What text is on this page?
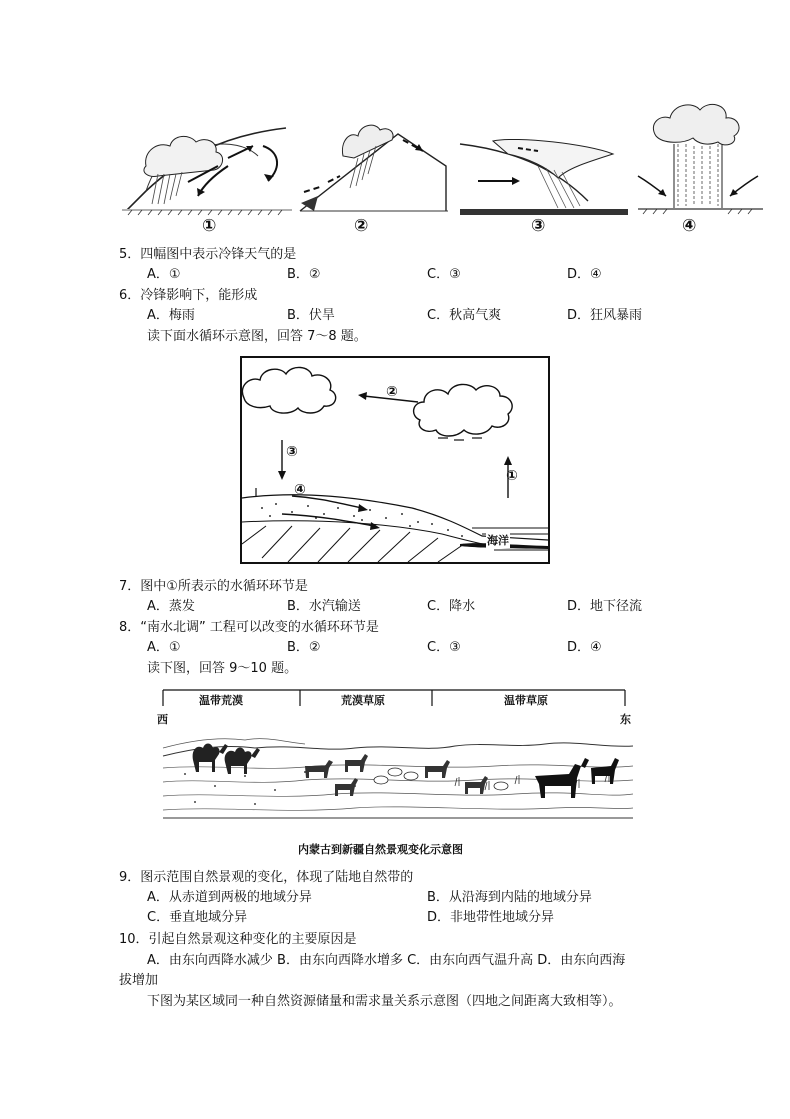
①	②	③	④
5．四幅图中表示冷锋天气的是
A．①	B．②	C．③	D．④
6．冷锋影响下，能形成
A．梅雨	B．伏旱	C．秋高气爽	D．狂风暴雨
读下面水循环示意图，回答 7～8 题。
①
②
③
④
海洋
7．图中①所表示的水循环环节是
A．蒸发	B．水汽输送	C．降水	D．地下径流
8．“南水北调” 工程可以改变的水循环环节是
A．①	B．②	C．③	D．④
读下图，回答 9～10 题。
温带荒漠	荒漠草原	温带草原
西	东
内蒙古到新疆自然景观变化示意图
9．图示范围自然景观的变化，体现了陆地自然带的
A．从赤道到两极的地域分异	B．从沿海到内陆的地域分异
C．垂直地域分异	D．非地带性地域分异
10．引起自然景观这种变化的主要原因是
A．由东向西降水减少 B．由东向西降水增多 C．由东向西气温升高 D．由东向西海
拔增加
下图为某区域同一种自然资源储量和需求量关系示意图（四地之间距离大致相等）。
